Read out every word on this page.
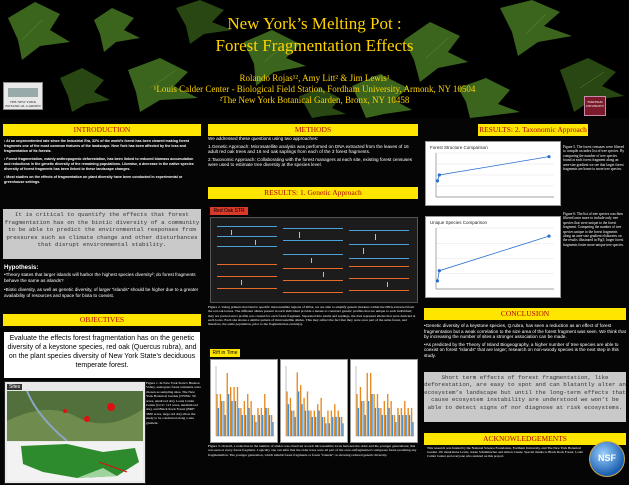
New York’s Melting Pot :
Forest Fragmentation Effects
Rolando Rojas¹², Amy Litt² & Jim Lewis¹
¹Louis Calder Center - Biological Field Station, Fordham University, Armonk, NY 10504
²The New York Botanical Garden, Bronx, NY 10458
THE NEW YORK BOTANICAL GARDEN
FORDHAM UNIVERSITY
INTRODUCTION

• At an unprecedented rate since the Industrial Era, 32% of the world’s forest has been cleared making forest fragments one of the most common features of the landscape. New York has been affected by the loss and fragmentation of its forests.

• Forest fragmentation, mainly anthropogenic deforestation, has been linked to reduced biomass accumulation and reductions in the genetic diversity of the remaining populations. Likewise, a decrease in the native species diversity of forest fragments has been linked to these landscape changes.

• Most studies on the effects of fragmentation on plant diversity have been conducted in experimental or greenhouse settings.

It is critical to quantify the effects that forest fragmentation has on the biotic diversity of a community to be able to predict the environmental responses from pressures such as climate change and other disturbances that disrupt environmental stability.
Hypothesis:

•Theory states that larger islands will harbor the highest species diversity²; do forest fragments behave the same as islands?

•Biotic diversity, as well as genetic diversity, of larger “islands” should be higher due to a greater availability of resources and space for biota to coexist.

OBJECTIVES
Evaluate the effects forest fragmentation has on the genetic diversity of a keystone species, red oak (Quercus rubra), and on the plant species diversity of New York State’s deciduous temperate forest.
Sites
Figure 1. In New York State’s Hudson Valley, analogous forest remnants were chosen as sampling sites. The New York Botanical Garden (NYBG: 50 acres, small red dot), Louis Calder Center (LCC: 113 acres, medium red dot), and Black Rock Forest (BRF: 3830 acres, large red dot) allow the study to be conducted along a size gradient.
METHODS

We addressed these questions using two approaches:

1.Genetic Approach: Microsatellite analysis was performed on DNA extracted from the leaves of 16 adult red oak trees and 16 red oak saplings from each of the 3 forest fragments.

2.Taxonomic Approach: Collaborating with the forest managers at each site, existing forest censuses were used to estimate tree diversity at the species level.

RESULTS: 1. Genetic Approach
Red Oak STR
Figure 2. Using primers that bind to specific microsatellite regions of DNA, we are able to amplify genetic markers within the DNA extracted from the red oak leaves. The different alleles present in each individual provide a means to construct genetic profiles that are unique to each individual; they are pooled and a profile was created for each forest fragment. Separated into adults and saplings, the data represent alleles that were detected at each locus. Each site shares a similar pattern of microsatellite alleles. This may reflect the fact that they were once part of the same forest, and therefore, the same population, prior to the fragmentation events(s).
Rift in Time
Figure 3. Overall, a reduction in the number of alleles was observed at each microsatellite locus between the older and the younger generations; this was seen at every forest fragment. Logically one can infer that the older trees were all part of the once-unfragmented contiguous forest predating any fragmentation. The younger generation, which inhabit forest fragments or forest “islands”, is showing reduced genetic diversity.
RESULTS: 2. Taxonomic Approach
Forest Structure Comparison
Unique Species Comparison
Figure 5. The forest censuses were filtered to compile an index list of tree species. By comparing the number of tree species found at each forest fragment along an area-size gradient we see that larger forest fragments are home to more tree species.
Figure 6: The list of tree species was then filtered once more to include only tree species that were unique to the forest fragment. Comparing the number of tree species unique to the forest fragments along an area-size gradient elaborates on the results illustrated in Fig5; larger forest fragments foster more unique tree species.
CONCLUSION

•Genetic diversity of a keystone species, Q.rubra, has seen a reduction as an effect of forest fragmentation but a weak correlation to the size area of the forest fragment was seen. We think that by increasing the number of sites a stronger association can be made.

•As predicted by the Theory of Island Biogeography, a higher number of tree species are able to coexist on forest “islands” that are larger; research on non-woody species is the next step in this study.

Short term effects of forest fragmentation, like deforestation, are easy to spot and can blatantly alter an ecosystem’s landscape but until the long-term effects that cause ecosystem instability are understood we won’t be able to detect signs of nor diagnose at risk ecosystems.
ACKNOWLEDGEMENTS
This research was funded by the National Science Foundation, Fordham University, and The New York Botanical Garden. We thank Rene Lewis, Jessie Schuhmacher and Alison Cassie. Special thanks to Black Rock Forest, Louis Calder Center and everyone who assisted on this project.	NSF
